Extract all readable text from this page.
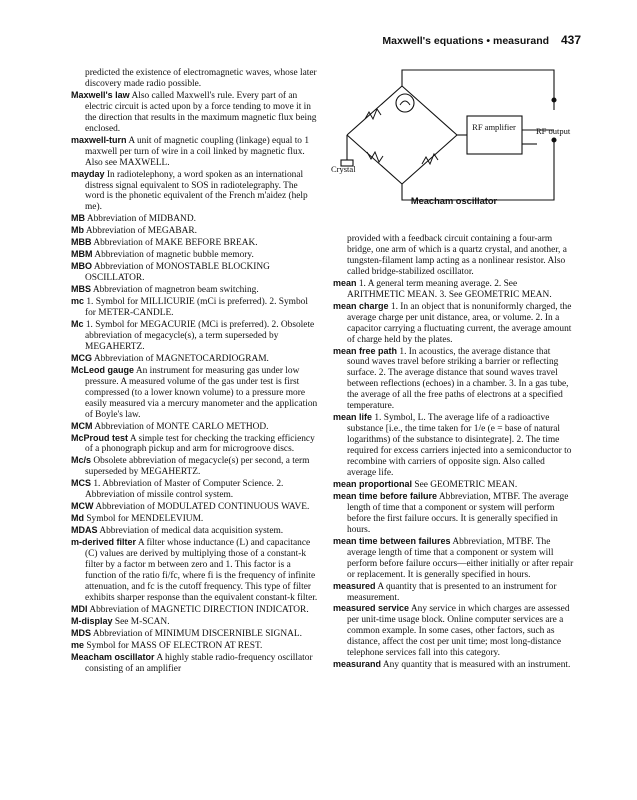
Maxwell's equations • measurand 437
RF amplifier RF output
Crystal
Meacham oscillator
predicted the existence of electromagnetic waves, whose later discovery made radio possible.
Maxwell's law Also called Maxwell's rule. Every part of an electric circuit is acted upon by a force tending to move it in the direction that results in the maximum magnetic flux being enclosed.
maxwell-turn A unit of magnetic coupling (linkage) equal to 1 maxwell per turn of wire in a coil linked by magnetic flux. Also see MAXWELL.
mayday In radiotelephony, a word spoken as an international distress signal equivalent to SOS in radiotelegraphy. The word is the phonetic equivalent of the French m'aidez (help me).
MB Abbreviation of MIDBAND.
Mb Abbreviation of MEGABAR.
MBB Abbreviation of MAKE BEFORE BREAK.
MBM Abbreviation of magnetic bubble memory.
MBO Abbreviation of MONOSTABLE BLOCKING OSCILLATOR.
MBS Abbreviation of magnetron beam switching.
mc 1. Symbol for MILLICURIE (mCi is preferred). 2. Symbol for METER-CANDLE.
Mc 1. Symbol for MEGACURIE (MCi is preferred). 2. Obsolete abbreviation of megacycle(s), a term superseded by MEGAHERTZ.
MCG Abbreviation of MAGNETOCARDIOGRAM.
McLeod gauge An instrument for measuring gas under low pressure. A measured volume of the gas under test is first compressed (to a lower known volume) to a pressure more easily measured via a mercury manometer and the application of Boyle's law.
MCM Abbreviation of MONTE CARLO METHOD.
McProud test A simple test for checking the tracking efficiency of a phonograph pickup and arm for microgroove discs.
Mc/s Obsolete abbreviation of megacycle(s) per second, a term superseded by MEGAHERTZ.
MCS 1. Abbreviation of Master of Computer Science. 2. Abbreviation of missile control system.
MCW Abbreviation of MODULATED CONTINUOUS WAVE.
Md Symbol for MENDELEVIUM.
MDAS Abbreviation of medical data acquisition system.
m-derived filter A filter whose inductance (L) and capacitance (C) values are derived by multiplying those of a constant-k filter by a factor m between zero and 1. This factor is a function of the ratio fi/fc, where fi is the frequency of infinite attenuation, and fc is the cutoff frequency. This type of filter exhibits sharper response than the equivalent constant-k filter.
MDI Abbreviation of MAGNETIC DIRECTION INDICATOR.
M-display See M-SCAN.
MDS Abbreviation of MINIMUM DISCERNIBLE SIGNAL.
me Symbol for MASS OF ELECTRON AT REST.
Meacham oscillator A highly stable radio-frequency oscillator consisting of an amplifier
provided with a feedback circuit containing a four-arm bridge, one arm of which is a quartz crystal, and another, a tungsten-filament lamp acting as a nonlinear resistor. Also called bridge-stabilized oscillator.
mean 1. A general term meaning average. 2. See ARITHMETIC MEAN. 3. See GEOMETRIC MEAN.
mean charge 1. In an object that is nonuniformly charged, the average charge per unit distance, area, or volume. 2. In a capacitor carrying a fluctuating current, the average amount of charge held by the plates.
mean free path 1. In acoustics, the average distance that sound waves travel before striking a barrier or reflecting surface. 2. The average distance that sound waves travel between reflections (echoes) in a chamber. 3. In a gas tube, the average of all the free paths of electrons at a specified temperature.
mean life 1. Symbol, L. The average life of a radioactive substance [i.e., the time taken for 1/e (e = base of natural logarithms) of the substance to disintegrate]. 2. The time required for excess carriers injected into a semiconductor to recombine with carriers of opposite sign. Also called average life.
mean proportional See GEOMETRIC MEAN.
mean time before failure Abbreviation, MTBF. The average length of time that a component or system will perform before the first failure occurs. It is generally specified in hours.
mean time between failures Abbreviation, MTBF. The average length of time that a component or system will perform before failure occurs—either initially or after repair or replacement. It is generally specified in hours.
measured A quantity that is presented to an instrument for measurement.
measured service Any service in which charges are assessed per unit-time usage block. Online computer services are a common example. In some cases, other factors, such as distance, affect the cost per unit time; most long-distance telephone services fall into this category.
measurand Any quantity that is measured with an instrument.
